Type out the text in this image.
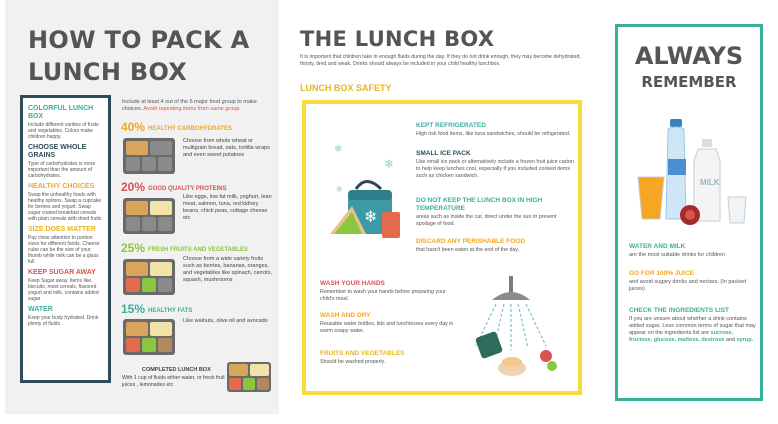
HOW TO PACK A
LUNCH BOX
COLORFUL LUNCH BOX
Include different varities of fruits and vegetables. Colors make children happy.
CHOOSE WHOLE GRAINS
Type of carbohydrates is more important than the amount of carbohydrates.
HEALTHY CHOICES
Swap the unhealthy foods with healthy options. Swap a cupcake for berries and yogurt. Swap sugar coated breakfast cereals with plain cereals with dried fruits
SIZE DOES MATTER
Pay close attention to portion sizes for different foods. Cheese cube can be the size of your thumb while milk can be a glass full
KEEP SUGAR AWAY
Keep Sugar away. Items like, biscuits, most cereals, flavored yogurt and milk, contains added sugar
WATER
Keep your body hydrated. Drink plenty of fluids
Include at least 4 out of the 6 major food group to make choices. Avoid repeating items from same group.
40% HEALTHY CARBOHYDRATES
Choose from whole wheat or multigrain bread, oats, tortilla wraps and even sweet potatoes
20% GOOD QUALITY PROTEINS
Like eggs, low fat milk, yoghurt, lean meat, salmon, tuna, red kidney beans, chick peas, cottage cheese etc
25% FRESH FRUITS AND VEGETABLES
Choose from a wide variety fruits such as berries, bananas, oranges, and vegetables like spinach, carrots, squash, mushrooms
15% HEALTHY FATS
Like walnuts, olive oil and avocado
COMPLETED LUNCH BOX
With 1 cup of fluids either water, or fresh fruit juices , lemonades etc
THE LUNCH BOX
It is important that children take in enough fluids during the day. If they do not drink enough, they may become dehydrated, thirsty, tired and weak. Drinks should always be included in your child healthy lunchbox.
LUNCH BOX SAFETY
❄
❄
❄
❄
KEPT REFRIGERATED
High risk food items, like tuna sandwiches, should be refrigerated.
SMALL ICE PACK
Use small ice pack or alternatively include a frozen fruit juice carton to help keep lunches cool, especially if you included cooked items such as chicken sandwich.
DO NOT KEEP THE LUNCH BOX IN HIGH TEMPERATURE
areas such as inside the car, direct under the sun to prevent spoilage of food.
DISCARD ANY PERISHABLE FOOD
that hasn't been eaten at the end of the day.
WASH YOUR HANDS
Remember to wash your hands before preparing your child's meal.
WASH AND DRY
Reusable water bottles, lids and lunchboxes every day in warm soapy water.
FRUITS AND VEGETABLES
Should be washed properly.
ALWAYS
REMEMBER
MILK
WATER AND MILK
are the most suitable drinks for children
GO FOR 100% JUICE
and avoid sugary drinks and nectars. (In packed juices)
CHECK THE INGREDIENTS LIST
If you are unsure about whether a drink contains added sugar, Less common terms of sugar that may appear on the ingredients list are sucrose, fructose, glucose, maltose, dextrose and syrup.
